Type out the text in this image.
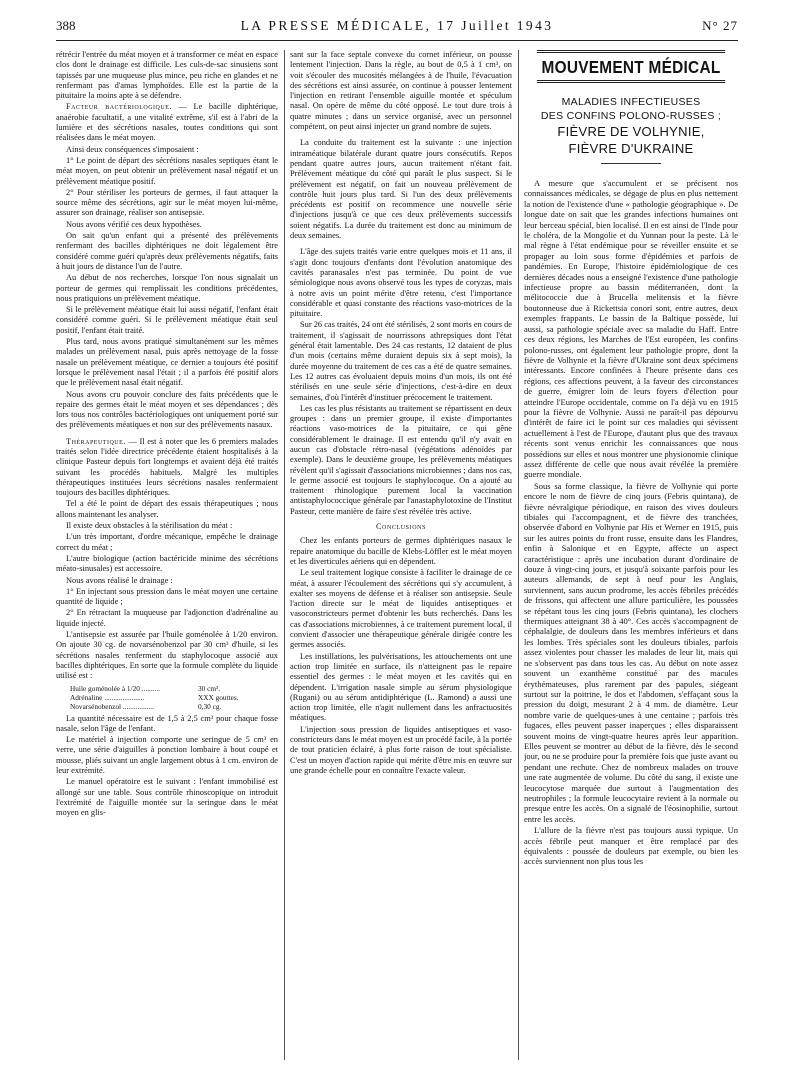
388	LA PRESSE MÉDICALE, 17 Juillet 1943	N° 27

rétrécir l'entrée du méat moyen et à transformer ce méat en espace clos dont le drainage est difficile. Les culs-de-sac sinusiens sont tapissés par une muqueuse plus mince, peu riche en glandes et ne renfermant pas d'amas lymphoïdes. Elle est la partie de la pituitaire la moins apte à se défendre.

Facteur bactériologique. — Le bacille diphtérique, anaérobie facultatif, a une vitalité extrême, s'il est à l'abri de la lumière et des sécrétions nasales, toutes conditions qui sont réalisées dans le méat moyen.

Ainsi deux conséquences s'imposaient :

1° Le point de départ des sécrétions nasales septiques étant le méat moyen, on peut obtenir un prélèvement nasal négatif et un prélèvement méatique positif.

2° Pour stériliser les porteurs de germes, il faut attaquer la source même des sécrétions, agir sur le méat moyen lui-même, assurer son drainage, réaliser son antisepsie.

Nous avons vérifié ces deux hypothèses.

On sait qu'un enfant qui a présenté des prélèvements renfermant des bacilles diphtériques ne doit légalement être considéré comme guéri qu'après deux prélèvements négatifs, faits à huit jours de distance l'un de l'autre.

Au début de nos recherches, lorsque l'on nous signalait un porteur de germes qui remplissait les conditions précédentes, nous pratiquions un prélèvement méatique.

Si le prélèvement méatique était lui aussi négatif, l'enfant était considéré comme guéri. Si le prélèvement méatique était seul positif, l'enfant était traité.

Plus tard, nous avons pratiqué simultanément sur les mêmes malades un prélèvement nasal, puis après nettoyage de la fosse nasale un prélèvement méatique, ce dernier a toujours été positif lorsque le prélèvement nasal l'était ; il a parfois été positif alors que le prélèvement nasal était négatif.

Nous avons cru pouvoir conclure des faits précédents que le repaire des germes était le méat moyen et ses dépendances ; dès lors tous nos contrôles bactériologiques ont uniquement porté sur des prélèvements méatiques et non sur des prélèvements nasaux.

Thérapeutique. — Il est à noter que les 6 premiers malades traités selon l'idée directrice précédente étaient hospitalisés à la clinique Pasteur depuis fort longtemps et avaient déjà été traités suivant les procédés habituels. Malgré les multiples thérapeutiques instituées leurs sécrétions nasales renfermaient toujours des bacilles diphtériques.

Tel a été le point de départ des essais thérapeutiques ; nous allons maintenant les analyser.

Il existe deux obstacles à la stérilisation du méat :

L'un très important, d'ordre mécanique, empêche le drainage correct du méat ;

L'autre biologique (action bactéricide minime des sécrétions méato-sinusales) est accessoire.

Nous avons réalisé le drainage :

1° En injectant sous pression dans le méat moyen une certaine quantité de liquide ;

2° En rétractant la muqueuse par l'adjonction d'adrénaline au liquide injecté.

L'antisepsie est assurée par l'huile goménolée à 1/20 environ. On ajoute 30 cg. de novarsénobenzol par 30 cm³ d'huile, si les sécrétions nasales renferment du staphylocoque associé aux bacilles diphtériques. En sorte que la formule complète du liquide utilisé est :

Huile goménolée à 1/20 ..........	30 cm³.
Adrénaline ......................	XXX gouttes.
Novarsénobenzol .................	0,30 cg.

La quantité nécessaire est de 1,5 à 2,5 cm³ pour chaque fosse nasale, selon l'âge de l'enfant.

Le matériel à injection comporte une seringue de 5 cm³ en verre, une série d'aiguilles à ponction lombaire à bout coupé et mousse, pliés suivant un angle largement obtus à 1 cm. environ de leur extrémité.

Le manuel opératoire est le suivant : l'enfant immobilisé est allongé sur une table. Sous contrôle rhinoscopique on introduit l'extrémité de l'aiguille montée sur la seringue dans le méat moyen en glis-

sant sur la face septale convexe du cornet inférieur, on pousse lentement l'injection. Dans la règle, au bout de 0,5 à 1 cm³, on voit s'écouler des mucosités mélangées à de l'huile, l'évacuation des sécrétions est ainsi assurée, on continue à pousser lentement l'injection en retirant l'ensemble aiguille montée et spéculum nasal. On opère de même du côté opposé. Le tout dure trois à quatre minutes ; dans un service organisé, avec un personnel compétent, on peut ainsi injecter un grand nombre de sujets.

La conduite du traitement est la suivante : une injection intraméatique bilatérale durant quatre jours consécutifs. Repos pendant quatre autres jours, aucun traitement n'étant fait. Prélèvement méatique du côté qui paraît le plus suspect. Si le prélèvement est négatif, on fait un nouveau prélèvement de contrôle huit jours plus tard. Si l'un des deux prélèvements précédents est positif on recommence une nouvelle série d'injections jusqu'à ce que ces deux prélèvements successifs soient négatifs. La durée du traitement est donc au minimum de deux semaines.

L'âge des sujets traités varie entre quelques mois et 11 ans, il s'agit donc toujours d'enfants dont l'évolution anatomique des cavités paranasales n'est pas terminée. Du point de vue sémiologique nous avons observé tous les types de coryzas, mais à notre avis un point mérite d'être retenu, c'est l'importance considérable et quasi constante des réactions vaso-motrices de la pituitaire.

Sur 26 cas traités, 24 ont été stérilisés, 2 sont morts en cours de traitement, il s'agissait de nourrissons athrepsiques dont l'état général était lamentable. Des 24 cas restants, 12 dataient de plus d'un mois (certains même duraient depuis six à sept mois), la durée moyenne du traitement de ces cas a été de quatre semaines. Les 12 autres cas évoluaient depuis moins d'un mois, ils ont été stérilisés en une seule série d'injections, c'est-à-dire en deux semaines, d'où l'intérêt d'instituer précocement le traitement.

Les cas les plus résistants au traitement se répartissent en deux groupes : dans un premier groupe, il existe d'importantes réactions vaso-motrices de la pituitaire, ce qui gêne considérablement le drainage. Il est entendu qu'il n'y avait en aucun cas d'obstacle rétro-nasal (végétations adénoïdes par exemple). Dans le deuxième groupe, les prélèvements méatiques révèlent qu'il s'agissait d'associations microbiennes ; dans nos cas, le germe associé est toujours le staphylocoque. On a ajouté au traitement rhinologique purement local la vaccination antistaphylococcique générale par l'anastaphylotoxine de l'Institut Pasteur, cette manière de faire s'est révélée très active.

Conclusions

Chez les enfants porteurs de germes diphtériques nasaux le repaire anatomique du bacille de Klebs-Löffler est le méat moyen et les diverticules aériens qui en dépendent.

Le seul traitement logique consiste à faciliter le drainage de ce méat, à assurer l'écoulement des sécrétions qui s'y accumulent, à exalter ses moyens de défense et à réaliser son antisepsie. Seule l'action directe sur le méat de liquides antiseptiques et vasoconstricteurs permet d'obtenir les buts recherchés. Dans les cas d'associations microbiennes, à ce traitement purement local, il convient d'associer une thérapeutique générale dirigée contre les germes associés.

Les instillations, les pulvérisations, les attouchements ont une action trop limitée en surface, ils n'atteignent pas le repaire essentiel des germes : le méat moyen et les cavités qui en dépendent. L'irrigation nasale simple au sérum physiologique (Rugani) ou au sérum antidiphtérique (L. Ramond) a aussi une action trop limitée, elle n'agit nullement dans les anfractuosités méatiques.

L'injection sous pression de liquides antiseptiques et vaso-constricteurs dans le méat moyen est un procédé facile, à la portée de tout praticien éclairé, à plus forte raison de tout spécialiste. C'est un moyen d'action rapide qui mérite d'être mis en œuvre sur une grande échelle pour en connaître l'exacte valeur.

MOUVEMENT MÉDICAL
MALADIES INFECTIEUSES
DES CONFINS POLONO-RUSSES ;
FIÈVRE DE VOLHYNIE,
FIÈVRE D'UKRAINE

A mesure que s'accumulent et se précisent nos connaissances médicales, se dégage de plus en plus nettement la notion de l'existence d'une « pathologie géographique ». De longue date on sait que les grandes infections humaines ont leur berceau spécial, bien localisé. Il en est ainsi de l'Inde pour le choléra, de la Mongolie et du Yunnan pour la peste. Là le mal règne à l'état endémique pour se réveiller ensuite et se propager au loin sous forme d'épidémies et parfois de pandémies. En Europe, l'histoire épidémiologique de ces dernières décades nous a enseigné l'existence d'une pathologie infectieuse propre au bassin méditerranéen, dont la mélitococcie due à Brucella melitensis et la fièvre boutonneuse due à Rickettsia conori sont, entre autres, deux exemples frappants. Le bassin de la Baltique possède, lui aussi, sa pathologie spéciale avec sa maladie du Haff. Entre ces deux régions, les Marches de l'Est européen, les confins polono-russes, ont également leur pathologie propre, dont la fièvre de Volhynie et la fièvre d'Ukraine sont deux spécimens intéressants. Encore confinées à l'heure présente dans ces régions, ces affections peuvent, à la faveur des circonstances de guerre, émigrer loin de leurs foyers d'élection pour atteindre l'Europe occidentale, comme on l'a déjà vu en 1915 pour la fièvre de Volhynie. Aussi ne paraît-il pas dépourvu d'intérêt de faire ici le point sur ces maladies qui sévissent actuellement à l'est de l'Europe, d'autant plus que des travaux récents sont venus enrichir les connaissances que nous possédions sur elles et nous montrer une physionomie clinique assez différente de celle que nous avait révélée la première guerre mondiale.

Sous sa forme classique, la fièvre de Volhynie qui porte encore le nom de fièvre de cinq jours (Febris quintana), de fièvre névralgique périodique, en raison des vives douleurs tibiales qui l'accompagnent, et de fièvre des tranchées, observée d'abord en Volhynie par His et Werner en 1915, puis sur les autres points du front russe, ensuite dans les Flandres, enfin à Salonique et en Egypte, affecte un aspect caractéristique : après une incubation durant d'ordinaire de douze à vingt-cinq jours, et jusqu'à soixante parfois pour les auteurs allemands, de sept à neuf pour les Anglais, surviennent, sans aucun prodrome, les accès fébriles précédés de frissons, qui affectent une allure particulière, les poussées se répétant tous les cinq jours (Febris quintana), les clochers thermiques atteignant 38 à 40°. Ces accès s'accompagnent de céphalalgie, de douleurs dans les membres inférieurs et dans les lombes. Très spéciales sont les douleurs tibiales, parfois assez violentes pour chasser les malades de leur lit, mais qui ne s'observent pas dans tous les cas. Au début on note assez souvent un exanthème constitué par des macules érythémateuses, plus rarement par des papules, siégeant surtout sur la poitrine, le dos et l'abdomen, s'effaçant sous la pression du doigt, mesurant 2 à 4 mm. de diamètre. Leur nombre varie de quelques-unes à une centaine ; parfois très fugaces, elles peuvent passer inaperçues ; elles disparaissent souvent moins de vingt-quatre heures après leur apparition. Elles peuvent se montrer au début de la fièvre, dès le second jour, ou ne se produire pour la première fois que juste avant ou pendant une rechute. Chez de nombreux malades on trouve une rate augmentée de volume. Du côté du sang, il existe une leucocytose marquée due surtout à l'augmentation des neutrophiles ; la formule leucocytaire revient à la normale ou presque entre les accès. On a signalé de l'éosinophilie, surtout entre les accès.

L'allure de la fièvre n'est pas toujours aussi typique. Un accès fébrile peut manquer et être remplacé par des équivalents : poussée de douleurs par exemple, ou bien les accès surviennent non plus tous les
